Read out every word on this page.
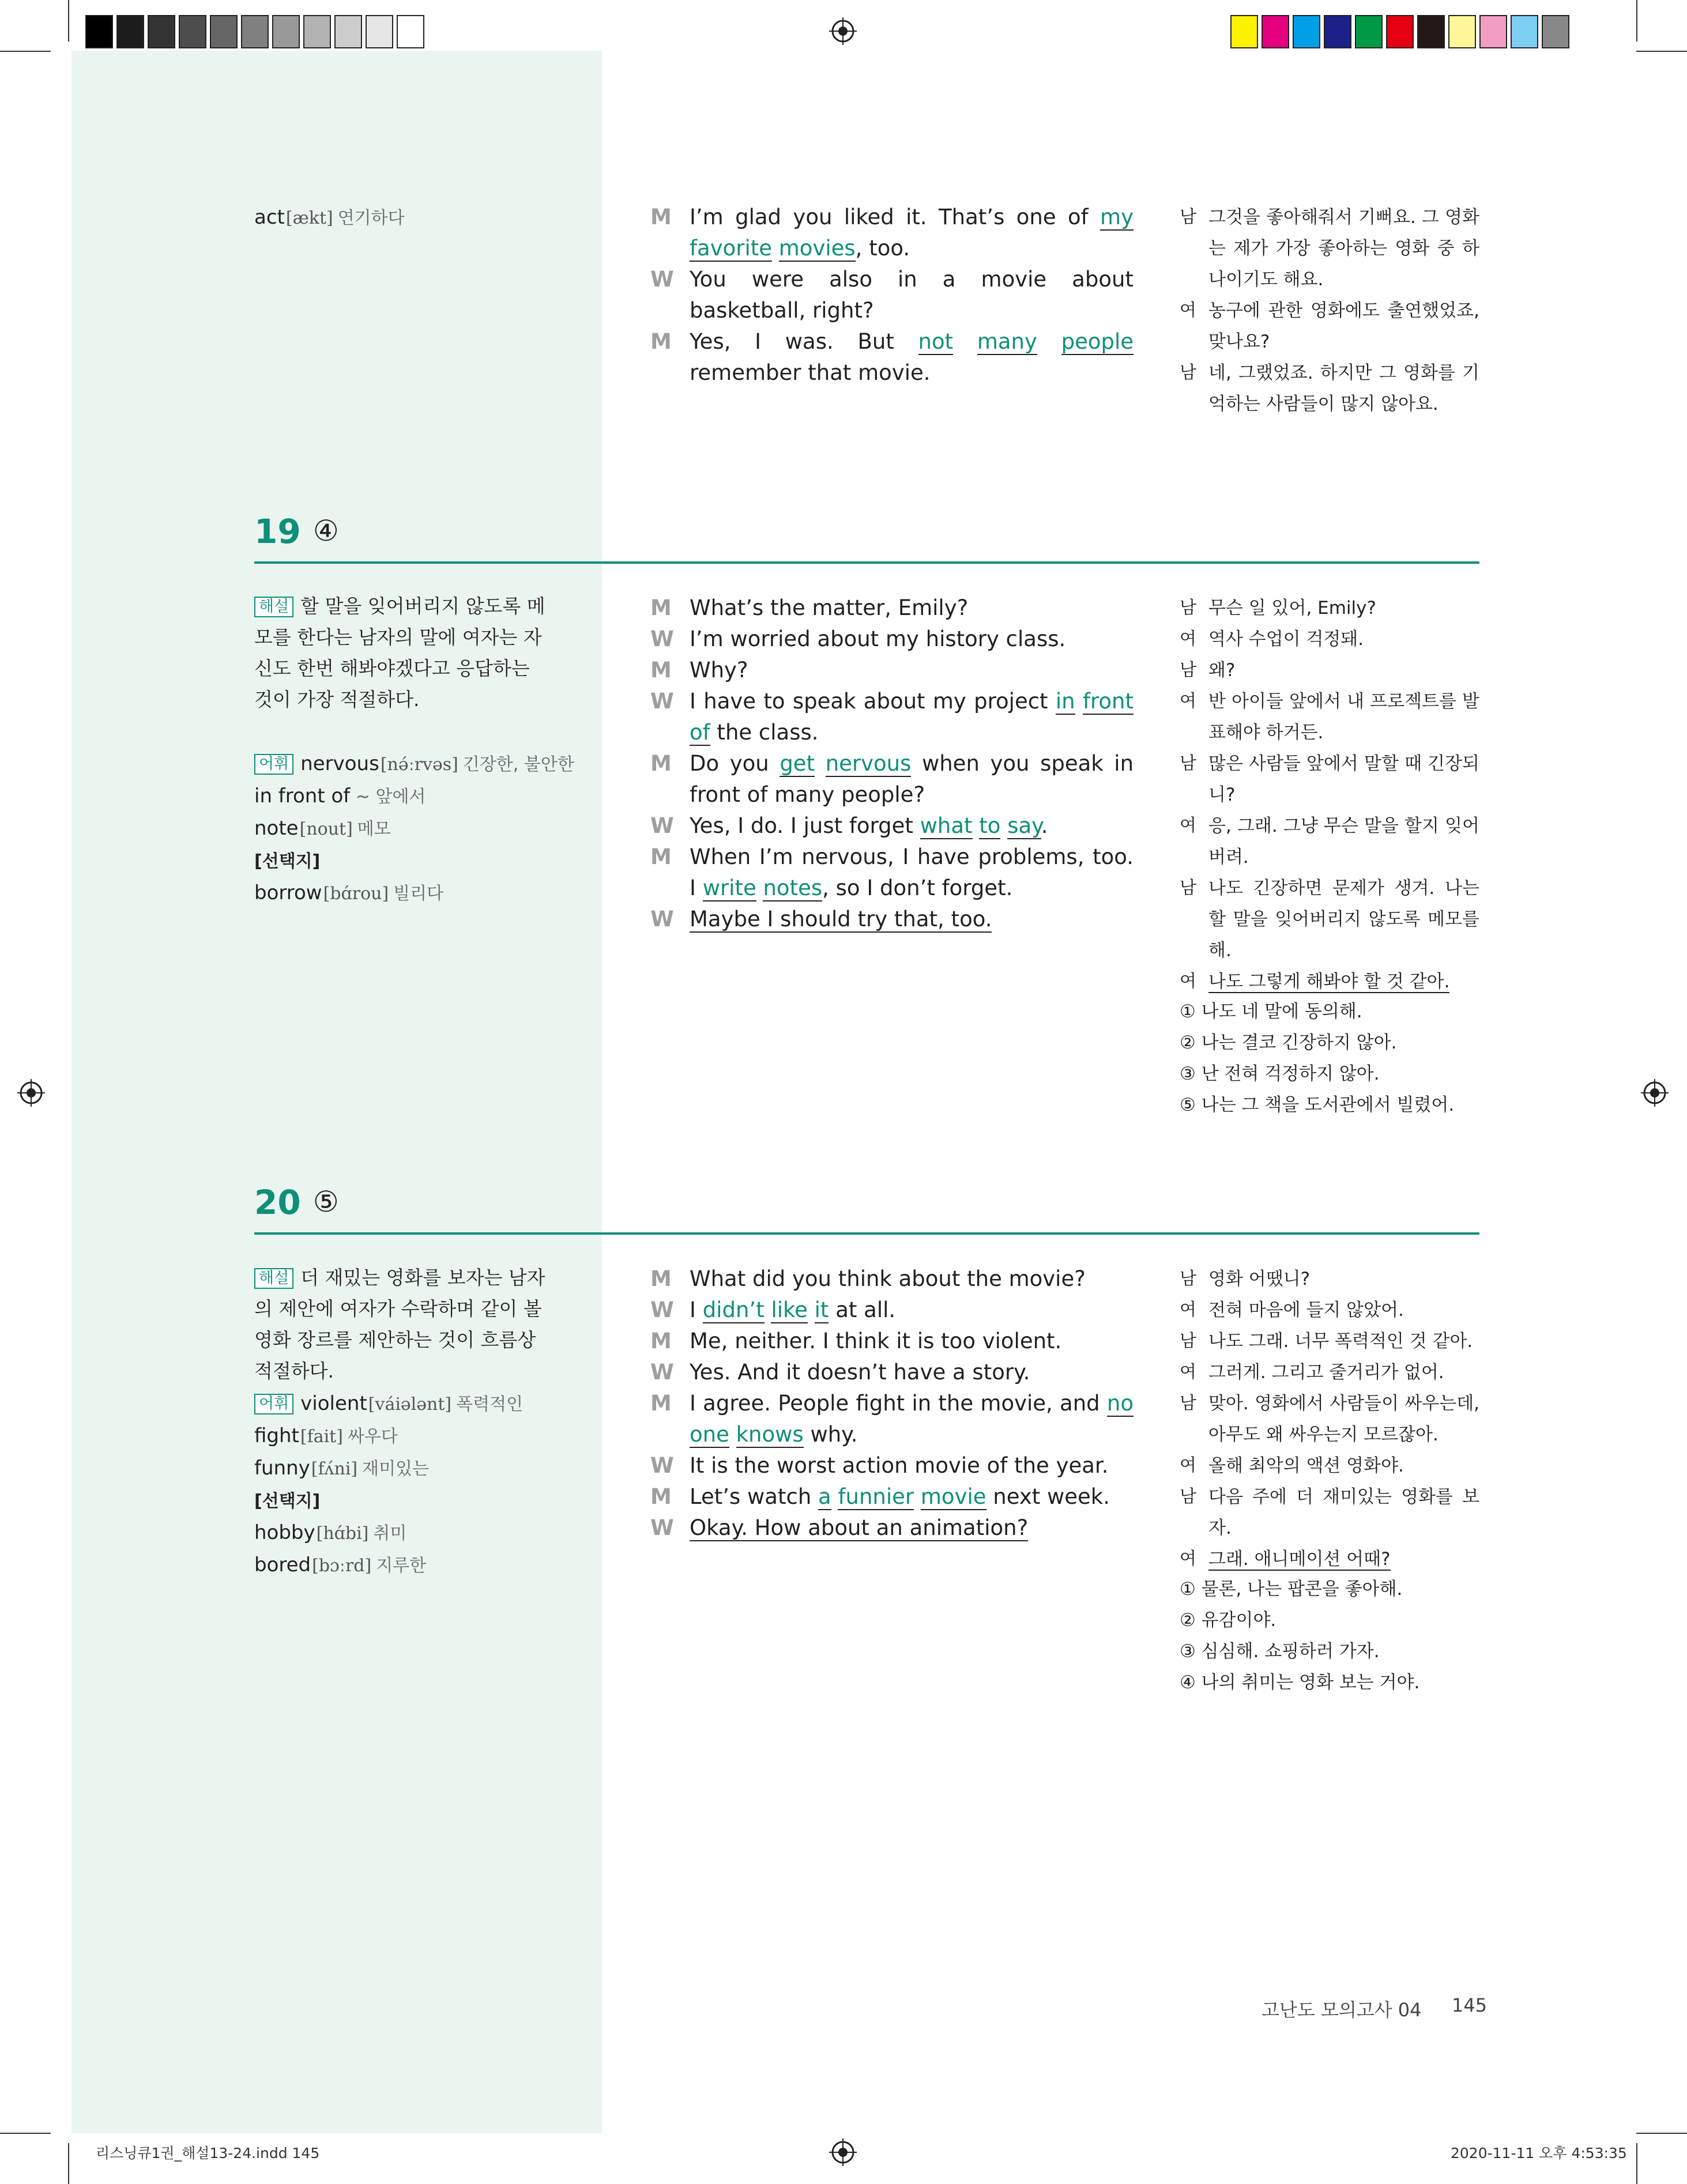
act[ækt] 연기하다	M I’m glad you liked it. That’s one of my favorite movies, too.
W You were also in a movie about basketball, right?
M Yes, I was. But not many people remember that movie.
남 그것을 좋아해줘서 기뻐요. 그 영화는 제가 가장 좋아하는 영화 중 하나이기도 해요.
여 농구에 관한 영화에도 출연했었죠, 맞나요?
남 네, 그랬었죠. 하지만 그 영화를 기억하는 사람들이 많지 않아요.
19 ④
해설 할 말을 잊어버리지 않도록 메모를 한다는 남자의 말에 여자는 자신도 한번 해봐야겠다고 응답하는 것이 가장 적절하다.
어휘 nervous[nə́ːrvəs] 긴장한, 불안한
in front of ~ 앞에서
note[nout] 메모
[선택지]
borrow[bɑ́rou] 빌리다
M What’s the matter, Emily?
W I’m worried about my history class.
M Why?
W I have to speak about my project in front of the class.
M Do you get nervous when you speak in front of many people?
W Yes, I do. I just forget what to say.
M When I’m nervous, I have problems, too. I write notes, so I don’t forget.
W Maybe I should try that, too.
남 무슨 일 있어, Emily?
여 역사 수업이 걱정돼.
남 왜?
여 반 아이들 앞에서 내 프로젝트를 발표해야 하거든.
남 많은 사람들 앞에서 말할 때 긴장되니?
여 응, 그래. 그냥 무슨 말을 할지 잊어버려.
남 나도 긴장하면 문제가 생겨. 나는 할 말을 잊어버리지 않도록 메모를 해.
여 나도 그렇게 해봐야 할 것 같아.
① 나도 네 말에 동의해.
② 나는 결코 긴장하지 않아.
③ 난 전혀 걱정하지 않아.
⑤ 나는 그 책을 도서관에서 빌렸어.
20 ⑤
해설 더 재밌는 영화를 보자는 남자의 제안에 여자가 수락하며 같이 볼 영화 장르를 제안하는 것이 흐름상 적절하다.
어휘 violent[váiələnt] 폭력적인
fight[fait] 싸우다
funny[fʌ́ni] 재미있는
[선택지]
hobby[hɑ́bi] 취미
bored[bɔːrd] 지루한
M What did you think about the movie?
W I didn’t like it at all.
M Me, neither. I think it is too violent.
W Yes. And it doesn’t have a story.
M I agree. People fight in the movie, and no one knows why.
W It is the worst action movie of the year.
M Let’s watch a funnier movie next week.
W Okay. How about an animation?
남 영화 어땠니?
여 전혀 마음에 들지 않았어.
남 나도 그래. 너무 폭력적인 것 같아.
여 그러게. 그리고 줄거리가 없어.
남 맞아. 영화에서 사람들이 싸우는데, 아무도 왜 싸우는지 모르잖아.
여 올해 최악의 액션 영화야.
남 다음 주에 더 재미있는 영화를 보자.
여 그래. 애니메이션 어때?
① 물론, 나는 팝콘을 좋아해.
② 유감이야.
③ 심심해. 쇼핑하러 가자.
④ 나의 취미는 영화 보는 거야.
고난도 모의고사 04 145
리스닝큐1권_해설13-24.indd 145	2020-11-11 오후 4:53:35
